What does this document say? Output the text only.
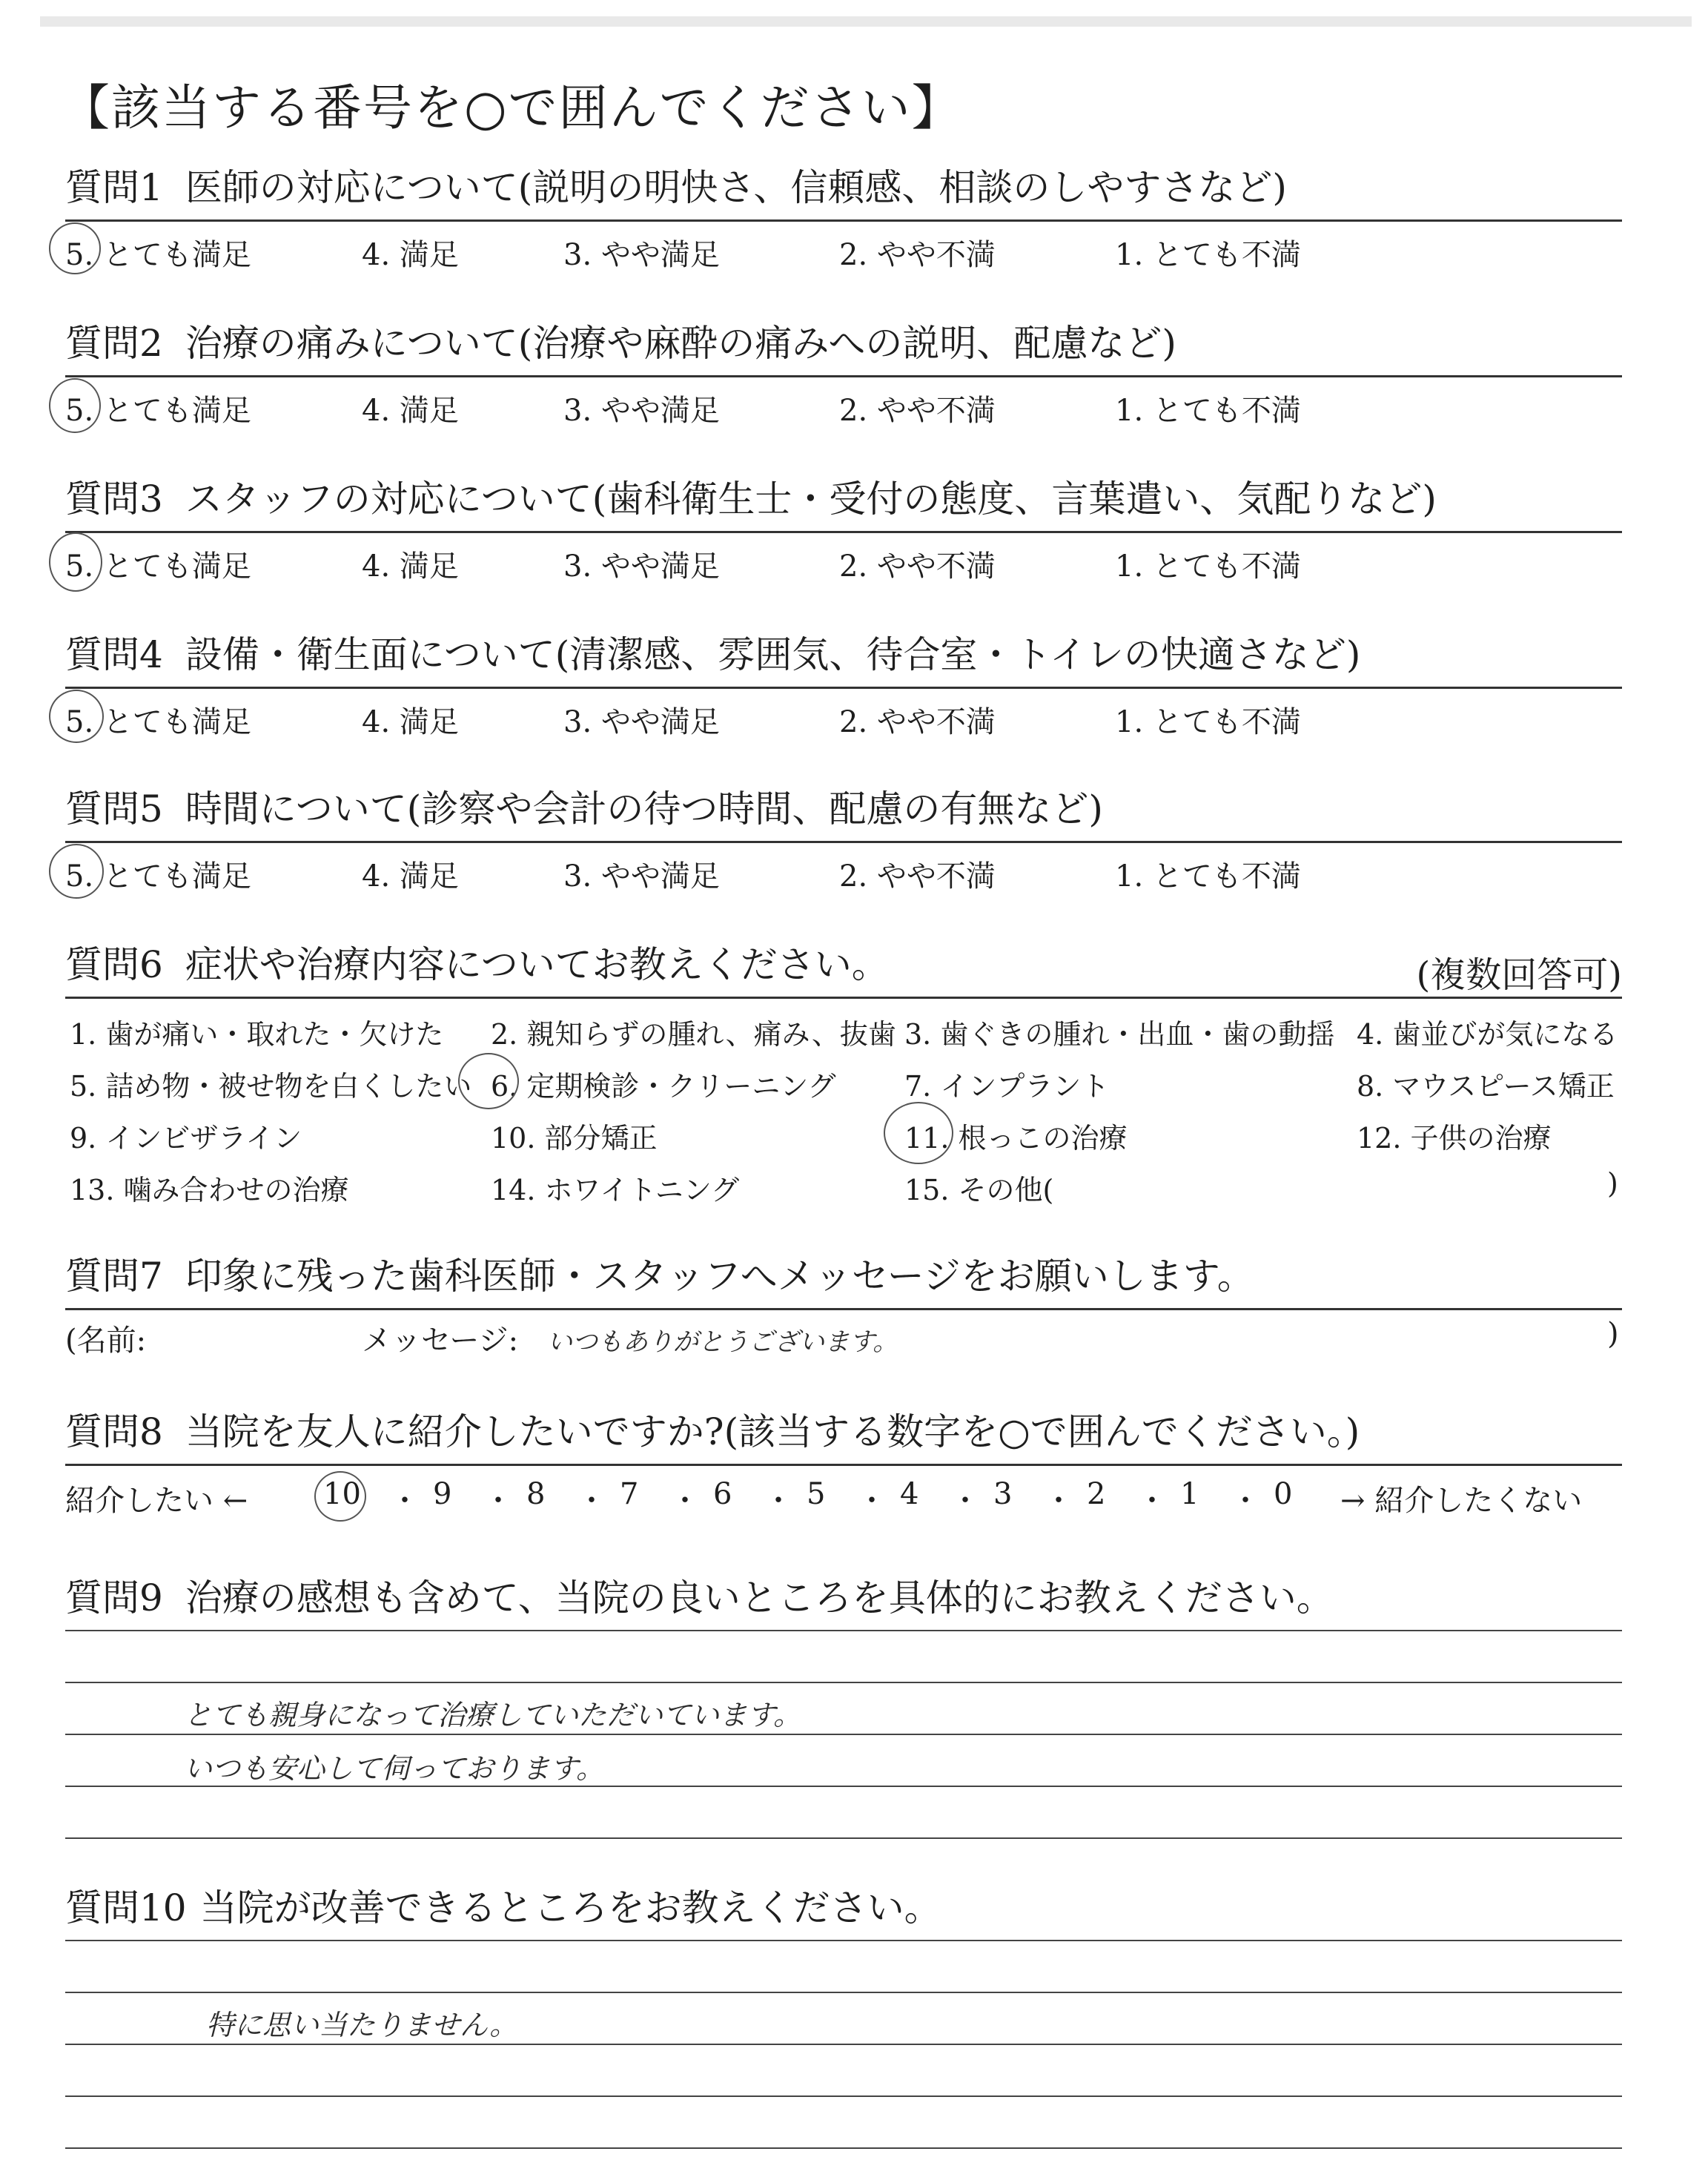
【該当する番号を○で囲んでください】
質問1 医師の対応について(説明の明快さ、信頼感、相談のしやすさなど)
5. とても満足	4. 満足	3. やや満足	2. やや不満	1. とても不満
質問2 治療の痛みについて(治療や麻酔の痛みへの説明、配慮など)
5. とても満足	4. 満足	3. やや満足	2. やや不満	1. とても不満
質問3 スタッフの対応について(歯科衛生士・受付の態度、言葉遣い、気配りなど)
5. とても満足	4. 満足	3. やや満足	2. やや不満	1. とても不満
質問4 設備・衛生面について(清潔感、雰囲気、待合室・トイレの快適さなど)
5. とても満足	4. 満足	3. やや満足	2. やや不満	1. とても不満
質問5 時間について(診察や会計の待つ時間、配慮の有無など)
5. とても満足	4. 満足	3. やや満足	2. やや不満	1. とても不満
質問6 症状や治療内容についてお教えください。	(複数回答可)
1. 歯が痛い・取れた・欠けた 2. 親知らずの腫れ、痛み、抜歯 3. 歯ぐきの腫れ・出血・歯の動揺 4. 歯並びが気になる
5. 詰め物・被せ物を白くしたい 6. 定期検診・クリーニング 7. インプラント	8. マウスピース矯正
9. インビザライン	10. 部分矯正	11. 根っこの治療	12. 子供の治療
13. 噛み合わせの治療	14. ホワイトニング	15. その他(	)
質問7 印象に残った歯科医師・スタッフへメッセージをお願いします。
(名前:	メッセージ: いつもありがとうございます。	)
質問8 当院を友人に紹介したいですか?(該当する数字を○で囲んでください。)
紹介したい ←	10 ・ 9 ・ 8 ・ 7 ・ 6 ・ 5 ・ 4 ・ 3 ・ 2 ・ 1 ・ 0 → 紹介したくない
質問9 治療の感想も含めて、当院の良いところを具体的にお教えください。
とても親身になって治療していただいています。
いつも安心して伺っております。
質問10 当院が改善できるところをお教えください。
特に思い当たりません。
